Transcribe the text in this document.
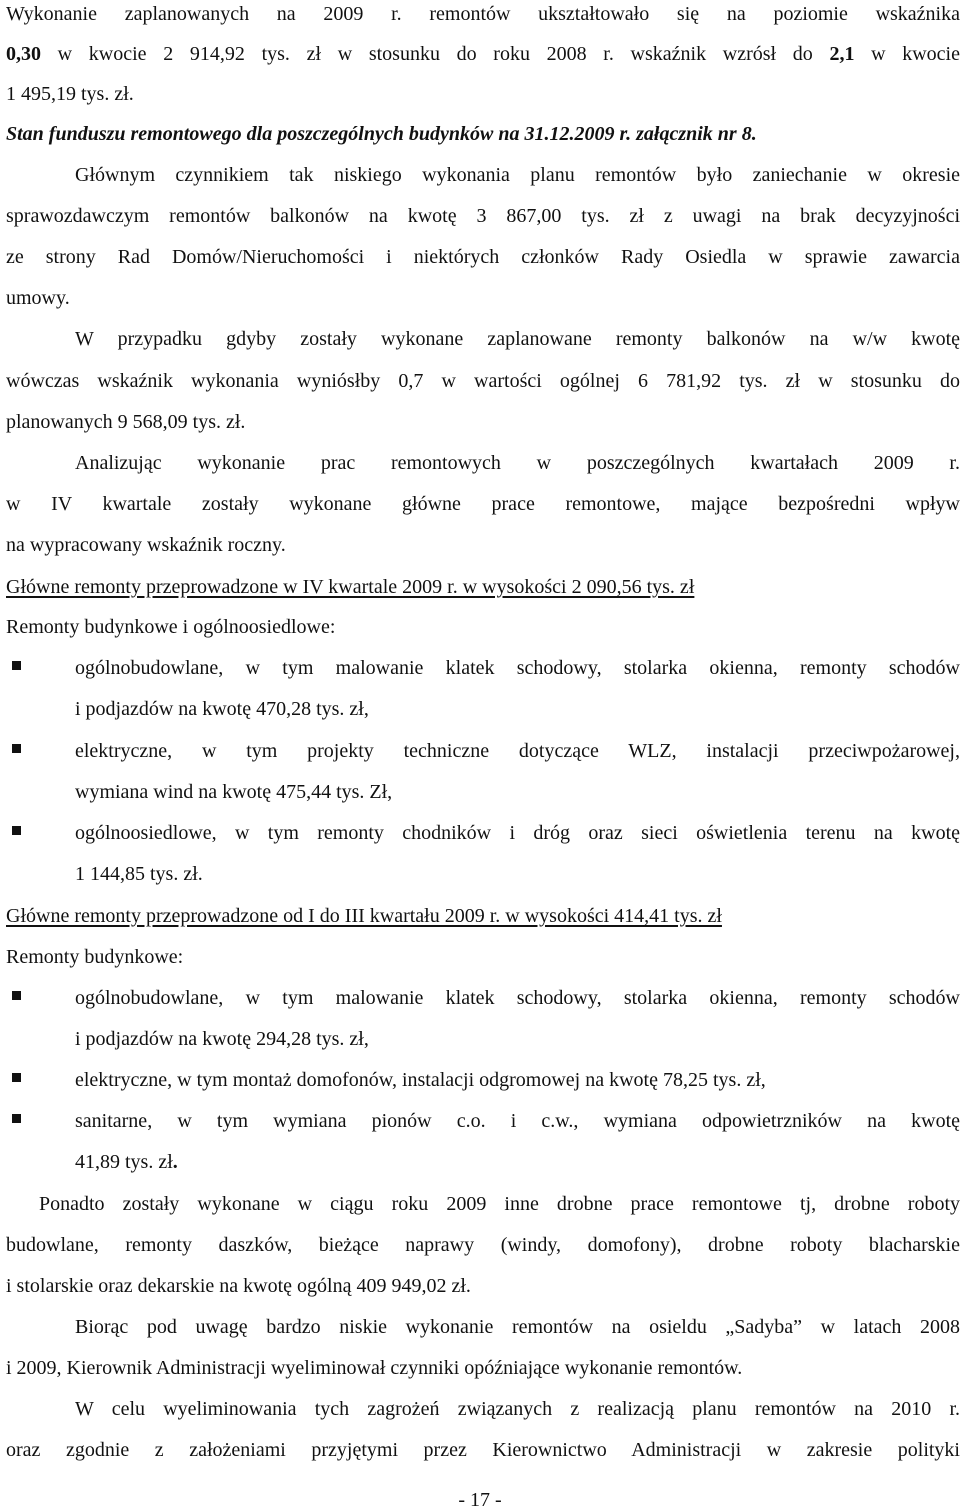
Wykonanie zaplanowanych na 2009 r. remontów ukształtowało się na poziomie wskaźnika
0,30 w kwocie 2 914,92 tys. zł w stosunku do roku 2008 r. wskaźnik wzrósł do 2,1 w kwocie
1 495,19 tys. zł.
Stan funduszu remontowego dla poszczególnych budynków na 31.12.2009 r. załącznik nr 8.
Głównym czynnikiem tak niskiego wykonania planu remontów było zaniechanie w okresie
sprawozdawczym remontów balkonów na kwotę 3 867,00 tys. zł z uwagi na brak decyzyjności
ze strony Rad Domów/Nieruchomości i niektórych członków Rady Osiedla w sprawie zawarcia
umowy.
W przypadku gdyby zostały wykonane zaplanowane remonty balkonów na w/w kwotę
wówczas wskaźnik wykonania wyniósłby 0,7 w wartości ogólnej 6 781,92 tys. zł w stosunku do
planowanych 9 568,09 tys. zł.
Analizując wykonanie prac remontowych w poszczególnych kwartałach 2009 r.
w IV kwartale zostały wykonane główne prace remontowe, mające bezpośredni wpływ
na wypracowany wskaźnik roczny.
Główne remonty przeprowadzone w IV kwartale 2009 r. w wysokości 2 090,56 tys. zł
Remonty budynkowe i ogólnoosiedlowe:
ogólnobudowlane, w tym malowanie klatek schodowy, stolarka okienna, remonty schodów
i podjazdów na kwotę 470,28 tys. zł,
elektryczne, w tym projekty techniczne dotyczące WLZ, instalacji przeciwpożarowej,
wymiana wind na kwotę 475,44 tys. Zł,
ogólnoosiedlowe, w tym remonty chodników i dróg oraz sieci oświetlenia terenu na kwotę
1 144,85 tys. zł.
Główne remonty przeprowadzone od I do III kwartału 2009 r. w wysokości 414,41 tys. zł
Remonty budynkowe:
ogólnobudowlane, w tym malowanie klatek schodowy, stolarka okienna, remonty schodów
i podjazdów na kwotę 294,28 tys. zł,
elektryczne, w tym montaż domofonów, instalacji odgromowej na kwotę 78,25 tys. zł,
sanitarne, w tym wymiana pionów c.o. i c.w., wymiana odpowietrzników na kwotę
41,89 tys. zł.
Ponadto zostały wykonane w ciągu roku 2009 inne drobne prace remontowe tj, drobne roboty
budowlane, remonty daszków, bieżące naprawy (windy, domofony), drobne roboty blacharskie
i stolarskie oraz dekarskie na kwotę ogólną 409 949,02 zł.
Biorąc pod uwagę bardzo niskie wykonanie remontów na osieldu „Sadyba” w latach 2008
i 2009, Kierownik Administracji wyeliminował czynniki opóźniające wykonanie remontów.
W celu wyeliminowania tych zagrożeń związanych z realizacją planu remontów na 2010 r.
oraz zgodnie z założeniami przyjętymi przez Kierownictwo Administracji w zakresie polityki
- 17 -
